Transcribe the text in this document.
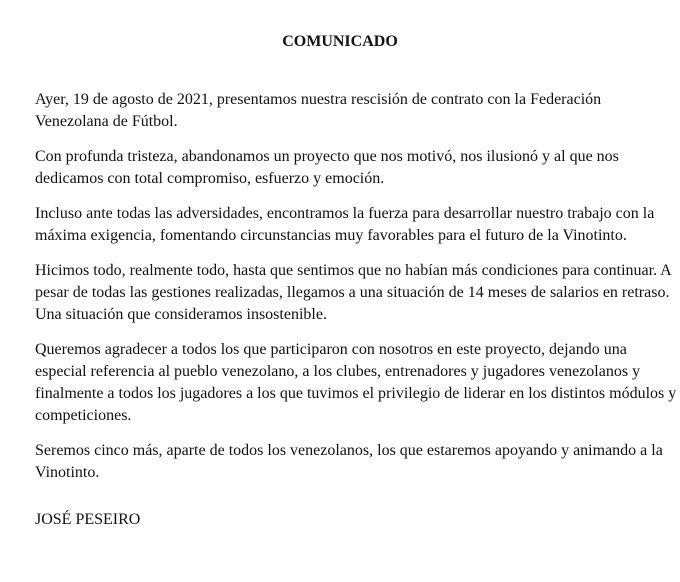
COMUNICADO

Ayer, 19 de agosto de 2021, presentamos nuestra rescisión de contrato con la Federación
Venezolana de Fútbol.

Con profunda tristeza, abandonamos un proyecto que nos motivó, nos ilusionó y al que nos
dedicamos con total compromiso, esfuerzo y emoción.

Incluso ante todas las adversidades, encontramos la fuerza para desarrollar nuestro trabajo con la
máxima exigencia, fomentando circunstancias muy favorables para el futuro de la Vinotinto.

Hicimos todo, realmente todo, hasta que sentimos que no habían más condiciones para continuar. A
pesar de todas las gestiones realizadas, llegamos a una situación de 14 meses de salarios en retraso.
Una situación que consideramos insostenible.

Queremos agradecer a todos los que participaron con nosotros en este proyecto, dejando una
especial referencia al pueblo venezolano, a los clubes, entrenadores y jugadores venezolanos y
finalmente a todos los jugadores a los que tuvimos el privilegio de liderar en los distintos módulos y
competiciones.

Seremos cinco más, aparte de todos los venezolanos, los que estaremos apoyando y animando a la
Vinotinto.

JOSÉ PESEIRO
